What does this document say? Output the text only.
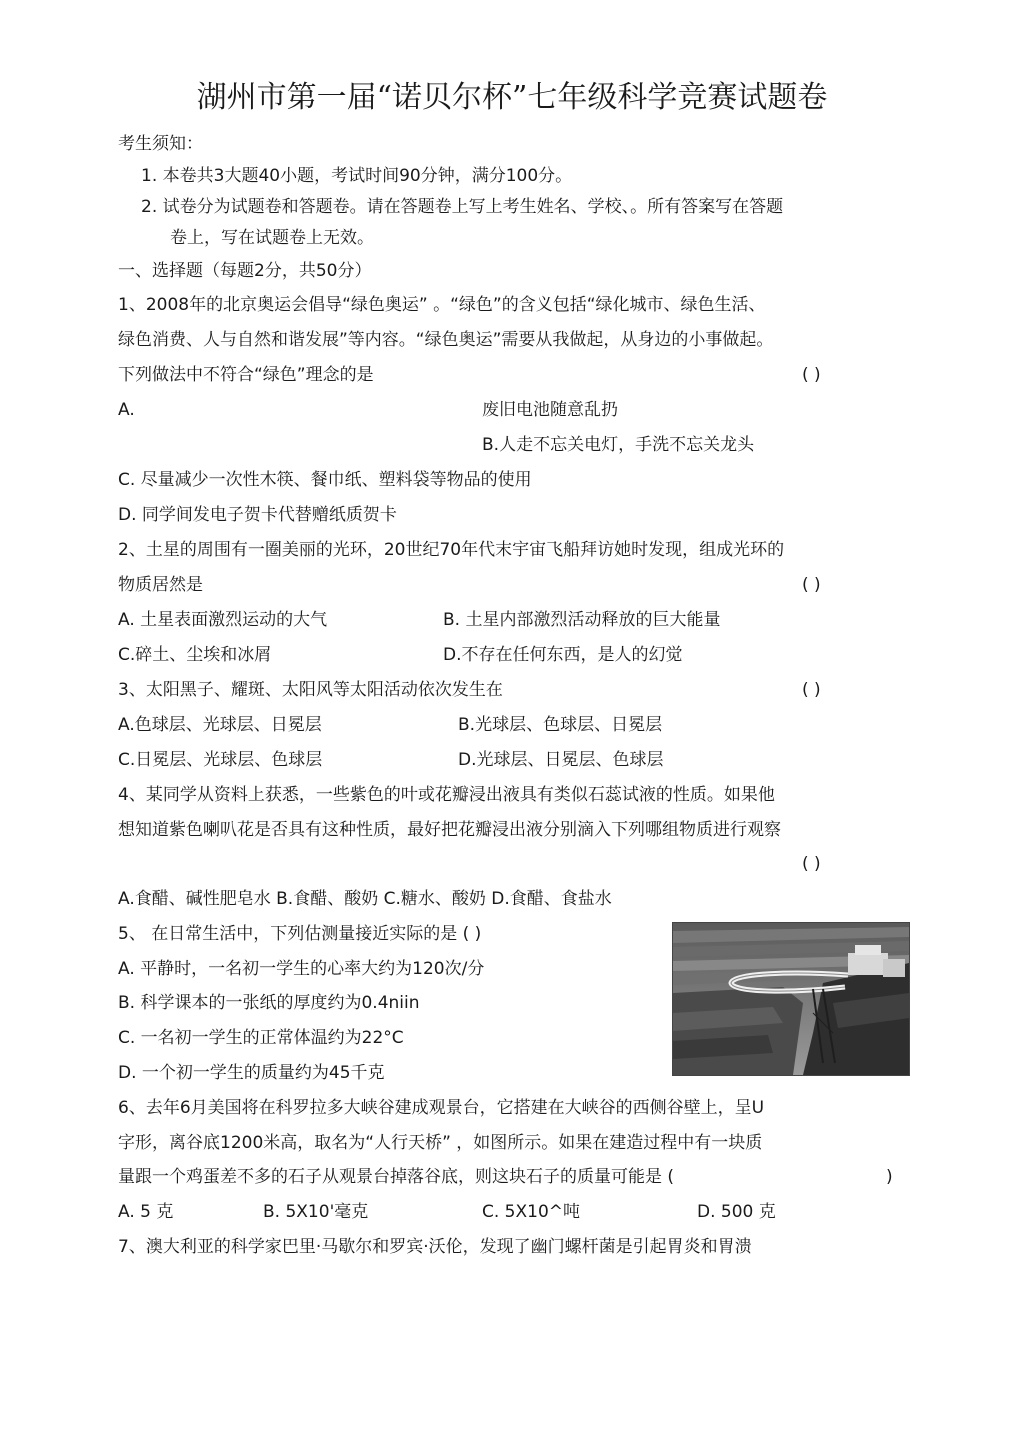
湖州市第一届“诺贝尔杯”七年级科学竞赛试题卷
考生须知：
1. 本卷共3大题40小题，考试时间90分钟，满分100分。
2. 试卷分为试题卷和答题卷。请在答题卷上写上考生姓名、学校、。所有答案写在答题
卷上，写在试题卷上无效。
一、选择题（每题2分，共50分）
1、2008年的北京奥运会倡导“绿色奥运” 。“绿色”的含义包括“绿化城市、绿色生活、
绿色消费、人与自然和谐发展”等内容。“绿色奥运”需要从我做起，从身边的小事做起。
下列做法中不符合“绿色”理念的是	( )
A.	废旧电池随意乱扔
B.人走不忘关电灯，手洗不忘关龙头
C. 尽量减少一次性木筷、餐巾纸、塑料袋等物品的使用
D. 同学间发电子贺卡代替赠纸质贺卡
2、土星的周围有一圈美丽的光环，20世纪70年代末宇宙飞船拜访她时发现，组成光环的
物质居然是	( )
A. 土星表面激烈运动的大气	B. 土星内部激烈活动释放的巨大能量
C.碎土、尘埃和冰屑	D.不存在任何东西，是人的幻觉
3、太阳黑子、耀斑、太阳风等太阳活动依次发生在	( )
A.色球层、光球层、日冕层	B.光球层、色球层、日冕层
C.日冕层、光球层、色球层	D.光球层、日冕层、色球层
4、某同学从资料上获悉，一些紫色的叶或花瓣浸出液具有类似石蕊试液的性质。如果他
想知道紫色喇叭花是否具有这种性质，最好把花瓣浸出液分别滴入下列哪组物质进行观察
( )
A.食醋、碱性肥皂水 B.食醋、酸奶 C.糖水、酸奶 D.食醋、食盐水
5、 在日常生活中，下列估测量接近实际的是 ( )
A. 平静时，一名初一学生的心率大约为120次/分
B. 科学课本的一张纸的厚度约为0.4niin
C. 一名初一学生的正常体温约为22°C
D. 一个初一学生的质量约为45千克
6、去年6月美国将在科罗拉多大峡谷建成观景台，它搭建在大峡谷的西侧谷壁上，呈U
字形，离谷底1200米高，取名为“人行天桥” ，如图所示。如果在建造过程中有一块质
量跟一个鸡蛋差不多的石子从观景台掉落谷底，则这块石子的质量可能是 (	)
A. 5 克	B. 5X10'毫克	C. 5X10^吨	D. 500 克
7、澳大利亚的科学家巴里·马歇尔和罗宾·沃伦，发现了幽门螺杆菌是引起胃炎和胃溃
